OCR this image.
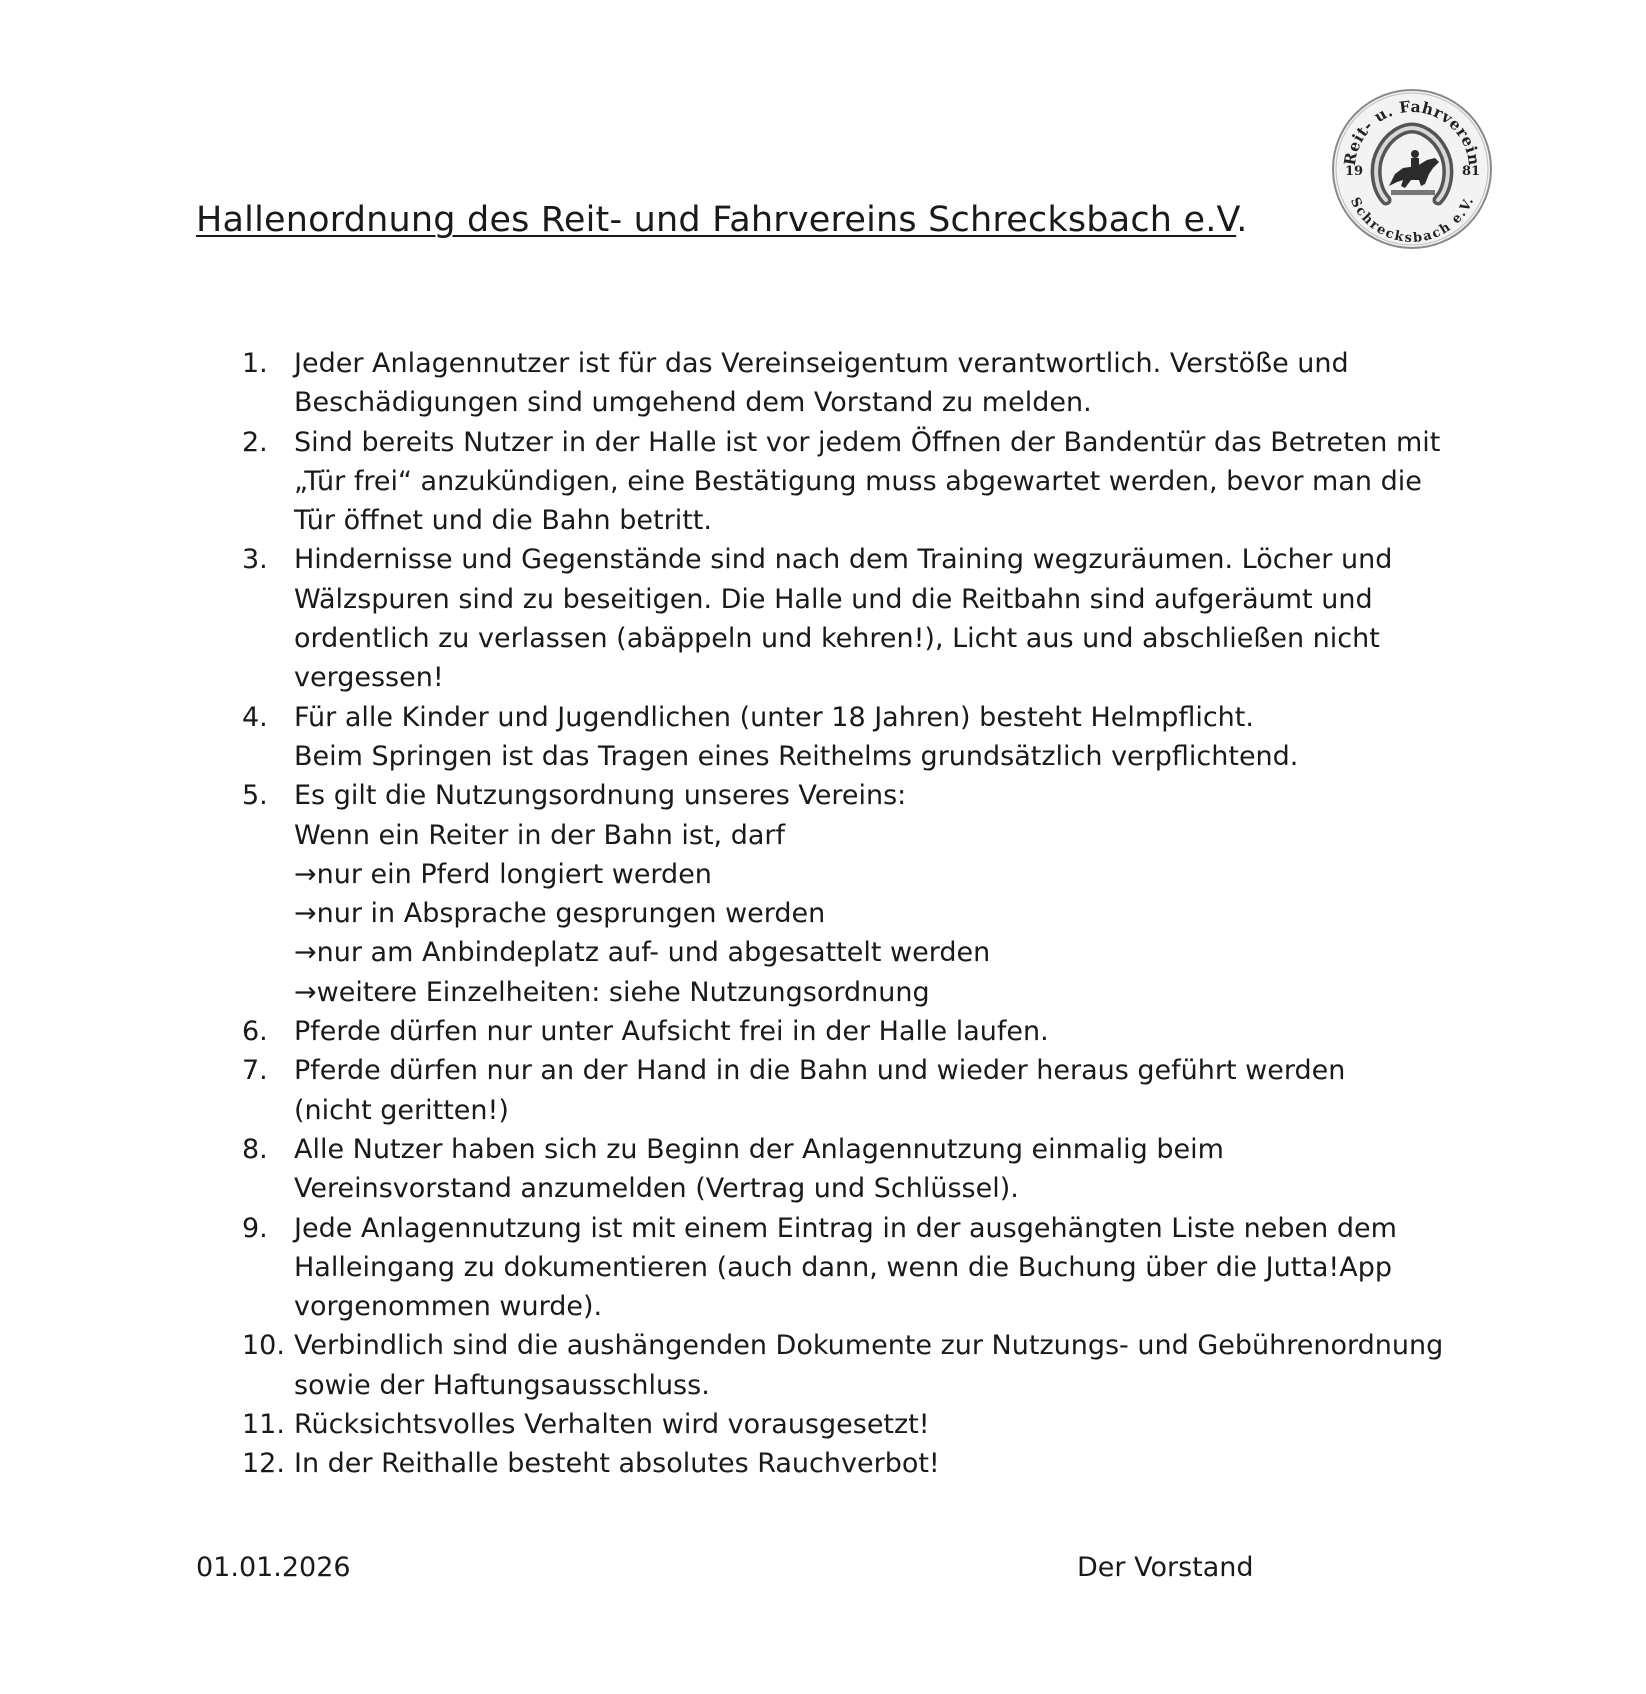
Hallenordnung des Reit- und Fahrvereins Schrecksbach e.V.
Reit- u. Fahrverein
Schrecksbach e.V.
19	81
1. Jeder Anlagennutzer ist für das Vereinseigentum verantwortlich. Verstöße und
Beschädigungen sind umgehend dem Vorstand zu melden.
2. Sind bereits Nutzer in der Halle ist vor jedem Öffnen der Bandentür das Betreten mit
„Tür frei“ anzukündigen, eine Bestätigung muss abgewartet werden, bevor man die
Tür öffnet und die Bahn betritt.
3. Hindernisse und Gegenstände sind nach dem Training wegzuräumen. Löcher und
Wälzspuren sind zu beseitigen. Die Halle und die Reitbahn sind aufgeräumt und
ordentlich zu verlassen (abäppeln und kehren!), Licht aus und abschließen nicht
vergessen!
4. Für alle Kinder und Jugendlichen (unter 18 Jahren) besteht Helmpflicht.
Beim Springen ist das Tragen eines Reithelms grundsätzlich verpflichtend.
5. Es gilt die Nutzungsordnung unseres Vereins:
Wenn ein Reiter in der Bahn ist, darf
→nur ein Pferd longiert werden
→nur in Absprache gesprungen werden
→nur am Anbindeplatz auf- und abgesattelt werden
→weitere Einzelheiten: siehe Nutzungsordnung
6. Pferde dürfen nur unter Aufsicht frei in der Halle laufen.
7. Pferde dürfen nur an der Hand in die Bahn und wieder heraus geführt werden
(nicht geritten!)
8. Alle Nutzer haben sich zu Beginn der Anlagennutzung einmalig beim
Vereinsvorstand anzumelden (Vertrag und Schlüssel).
9. Jede Anlagennutzung ist mit einem Eintrag in der ausgehängten Liste neben dem
Halleingang zu dokumentieren (auch dann, wenn die Buchung über die Jutta!App
vorgenommen wurde).
10. Verbindlich sind die aushängenden Dokumente zur Nutzungs- und Gebührenordnung
sowie der Haftungsausschluss.
11. Rücksichtsvolles Verhalten wird vorausgesetzt!
12. In der Reithalle besteht absolutes Rauchverbot!
01.01.2026	Der Vorstand
